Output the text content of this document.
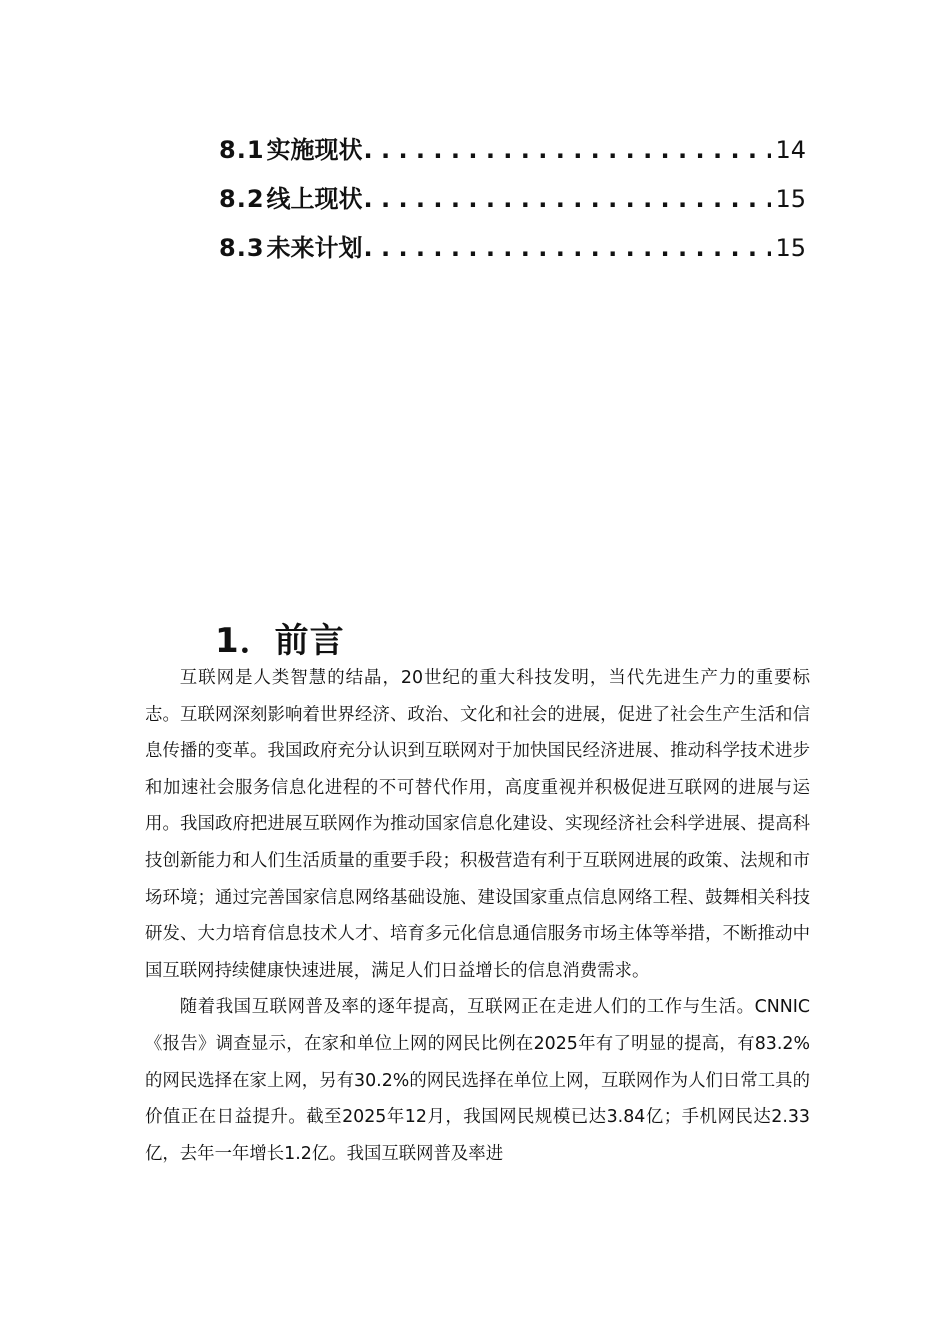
8.1 实施现状 . . .	14
8.2 线上现状 . . .	15
8.3 未来计划 . . .	15
1．前言

互联网是人类智慧的结晶，20世纪的重大科技发明，当代先进生产力的重要标志。互联网深刻影响着世界经济、政治、文化和社会的进展，促进了社会生产生活和信息传播的变革。我国政府充分认识到互联网对于加快国民经济进展、推动科学技术进步和加速社会服务信息化进程的不可替代作用，高度重视并积极促进互联网的进展与运用。我国政府把进展互联网作为推动国家信息化建设、实现经济社会科学进展、提高科技创新能力和人们生活质量的重要手段；积极营造有利于互联网进展的政策、法规和市场环境；通过完善国家信息网络基础设施、建设国家重点信息网络工程、鼓舞相关科技研发、大力培育信息技术人才、培育多元化信息通信服务市场主体等举措，不断推动中国互联网持续健康快速进展，满足人们日益增长的信息消费需求。

随着我国互联网普及率的逐年提高，互联网正在走进人们的工作与生活。CNNIC《报告》调查显示，在家和单位上网的网民比例在2025年有了明显的提高，有83.2%的网民选择在家上网，另有30.2%的网民选择在单位上网，互联网作为人们日常工具的价值正在日益提升。截至2025年12月，我国网民规模已达3.84亿；手机网民达2.33亿，去年一年增长1.2亿。我国互联网普及率进
